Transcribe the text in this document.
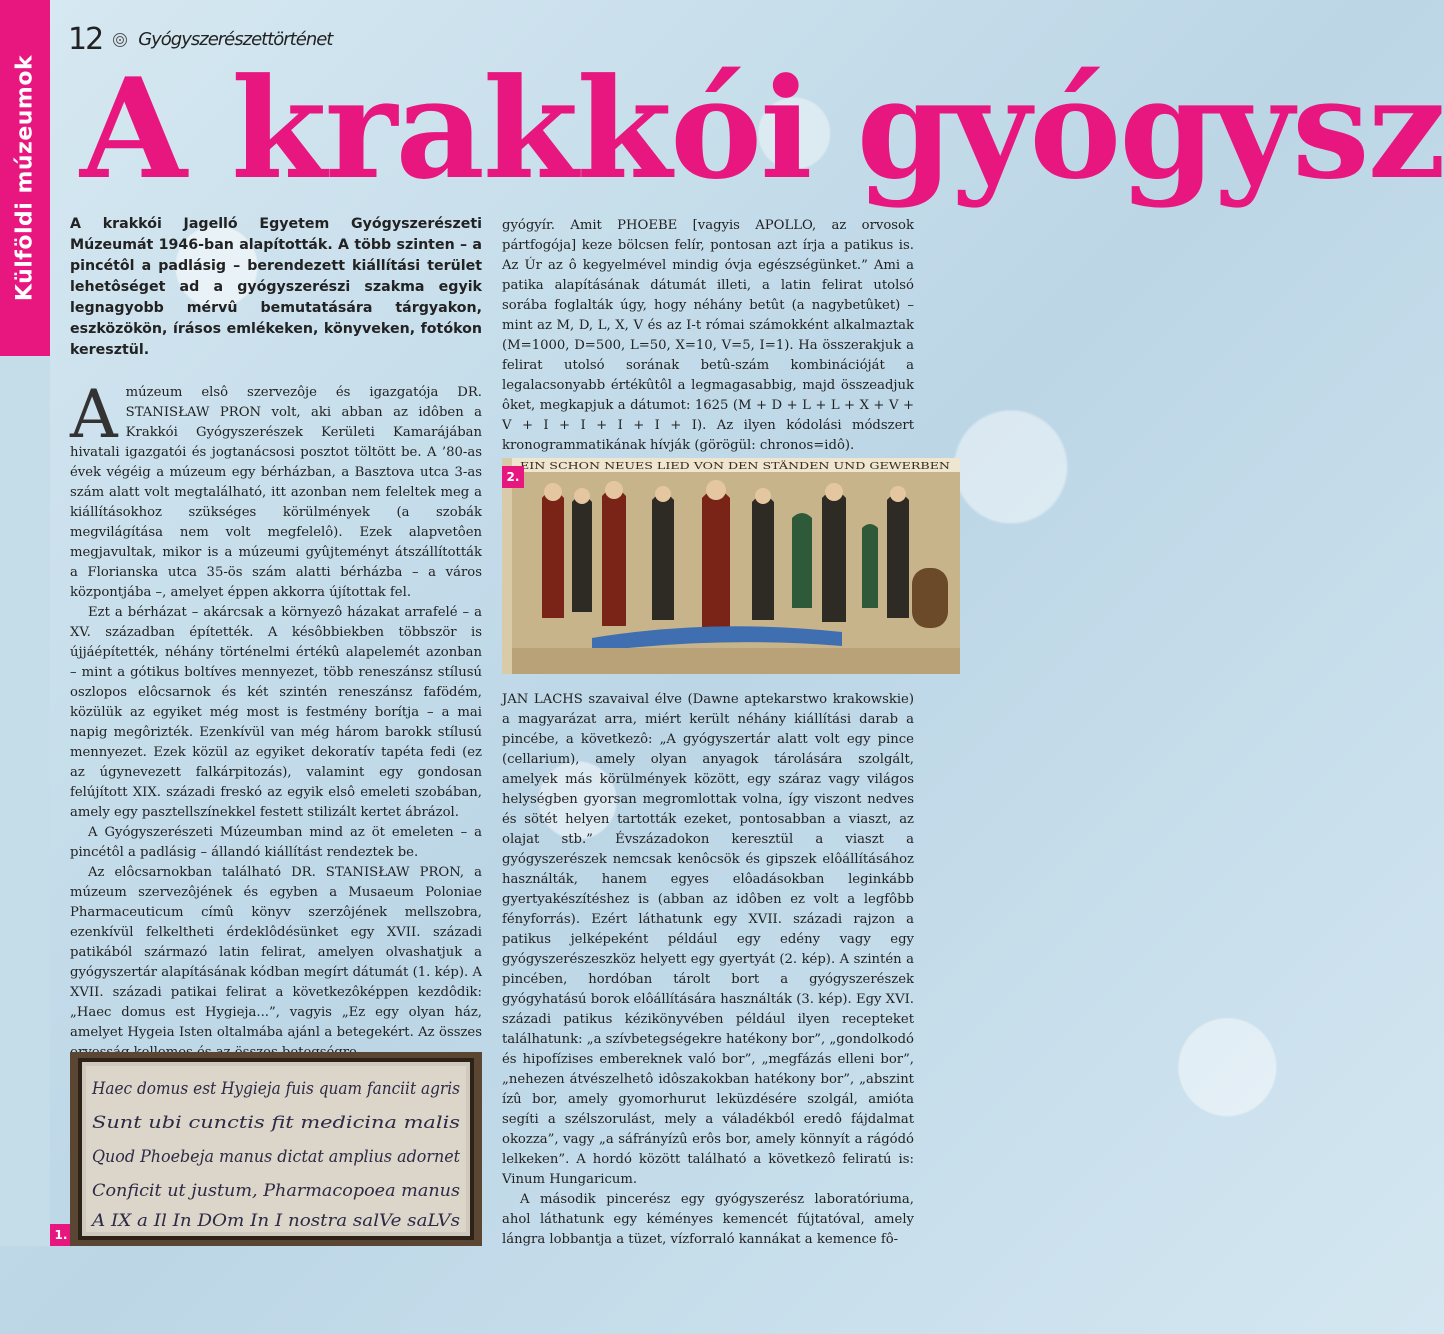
Külföldi múzeumok
1.
12 Gyógyszerészettörténet
A krakkói gyógysz

A krakkói Jagelló Egyetem Gyógyszerészeti Múzeumát 1946-ban alapították. A több szinten – a pincétôl a padlásig – berendezett kiállítási terület lehetôséget ad a gyógyszerészi szakma egyik legnagyobb mérvû bemutatására tárgyakon, eszközökön, írásos emlékeken, könyveken, fotókon keresztül.

A múzeum elsô szervezôje és igazgatója DR. STANISŁAW PRON volt, aki abban az idôben a Krakkói Gyógyszerészek Kerületi Kamarájában hivatali igazgatói és jogtanácsosi posztot töltött be. A ’80-as évek végéig a múzeum egy bérházban, a Basztova utca 3-as szám alatt volt megtalálható, itt azonban nem feleltek meg a kiállításokhoz szükséges körülmények (a szobák megvilágítása nem volt megfelelô). Ezek alapvetôen megjavultak, mikor is a múzeumi gyûjteményt átszállították a Florianska utca 35-ös szám alatti bérházba – a város központjába –, amelyet éppen akkorra újítottak fel.

Ezt a bérházat – akárcsak a környezô házakat arrafelé – a XV. században építették. A késôbbiekben többször is újjáépítették, néhány történelmi értékû alapelemét azonban – mint a gótikus boltíves mennyezet, több reneszánsz stílusú oszlopos elôcsarnok és két szintén reneszánsz fafödém, közülük az egyiket még most is festmény borítja – a mai napig megôrizték. Ezenkívül van még három barokk stílusú mennyezet. Ezek közül az egyiket dekoratív tapéta fedi (ez az úgynevezett falkárpitozás), valamint egy gondosan felújított XIX. századi freskó az egyik elsô emeleti szobában, amely egy pasztellszínekkel festett stilizált kertet ábrázol.

A Gyógyszerészeti Múzeumban mind az öt emeleten – a pincétôl a padlásig – állandó kiállítást rendeztek be.

Az elôcsarnokban található DR. STANISŁAW PRON, a múzeum szervezôjének és egyben a Musaeum Poloniae Pharmaceuticum címû könyv szerzôjének mellszobra, ezenkívül felkeltheti érdeklôdésünket egy XVII. századi patikából származó latin felirat, amelyen olvashatjuk a gyógyszertár alapításának kódban megírt dátumát (1. kép). A XVII. századi patikai felirat a következôképpen kezdôdik: „Haec domus est Hygieja...”, vagyis „Ez egy olyan ház, amelyet Hygeia Isten oltalmába ajánl a betegekért. Az összes

Haec domus est Hygieja fuis quam fanciit agris
Sunt ubi cunctis fit medicina malis
Quod Phoebeja manus dictat amplius adornet
Conficit ut justum, Pharmacopoea manus
A IX a Il In DOm In I nostra salVe saLVs

gyógyír. Amit PHOEBE [vagyis APOLLO, az orvosok pártfogója] keze bölcsen felír, pontosan azt írja a patikus is. Az Úr az ô kegyelmével mindig óvja egészségünket.” Ami a patika alapításának dátumát illeti, a latin felirat utolsó sorába foglalták úgy, hogy néhány betût (a nagybetûket) – mint az M, D, L, X, V és az I-t római számokként alkalmaztak (M=1000, D=500, L=50, X=10, V=5, I=1). Ha összerakjuk a felirat utolsó sorának betû-szám kombinációját a legalacsonyabb értékûtôl a legmagasabbig, majd összeadjuk ôket, megkapjuk a dátumot: 1625 (M + D + L + L + X + V + V + I + I + I + I + I). Az ilyen kódolási módszert kronogrammatikának hívják (görögül: chronos=idô).

EIN SCHON NEUES LIED VON DEN STÄNDEN UND GEWERBEN
2.

JAN LACHS szavaival élve (Dawne aptekarstwo krakowskie) a magyarázat arra, miért került néhány kiállítási darab a pincébe, a következô: „A gyógyszertár alatt volt egy pince (cellarium), amely olyan anyagok tárolására szolgált, amelyek más körülmények között, egy száraz vagy világos helységben gyorsan megromlottak volna, így viszont nedves és sötét helyen tartották ezeket, pontosabban a viaszt, az olajat stb.” Évszázadokon keresztül a viaszt a gyógyszerészek nemcsak kenôcsök és gipszek elôállításához használták, hanem egyes elôadásokban leginkább gyertyakészítéshez is (abban az idôben ez volt a legfôbb fényforrás). Ezért láthatunk egy XVII. századi rajzon a patikus jelképeként például egy edény vagy egy gyógyszerészeszköz helyett egy gyertyát (2. kép). A szintén a pincében, hordóban tárolt bort a gyógyszerészek gyógyhatású borok elôállítására használták (3. kép). Egy XVI. századi patikus kézikönyvében például ilyen recepteket találhatunk: „a szívbetegségekre hatékony bor”, „gondolkodó és hipofízises embereknek való bor”, „megfázás elleni bor”, „nehezen átvészelhetô idôszakokban hatékony bor”, „abszint ízû bor, amely gyomorhurut leküzdésére szolgál, amióta segíti a szélszorulást, mely a váladékból eredô fájdalmat okozza”, vagy „a sáfrányízû erôs bor, amely könnyít a rágódó lelkeken”. A hordó között található a következô feliratú is: Vinum Hungaricum.

A második pincerész egy gyógyszerész laboratóriuma, ahol láthatunk egy kéményes kemencét fújtatóval, amely lángra lobbantja a tüzet, vízforraló kannákat a kemence fô-
